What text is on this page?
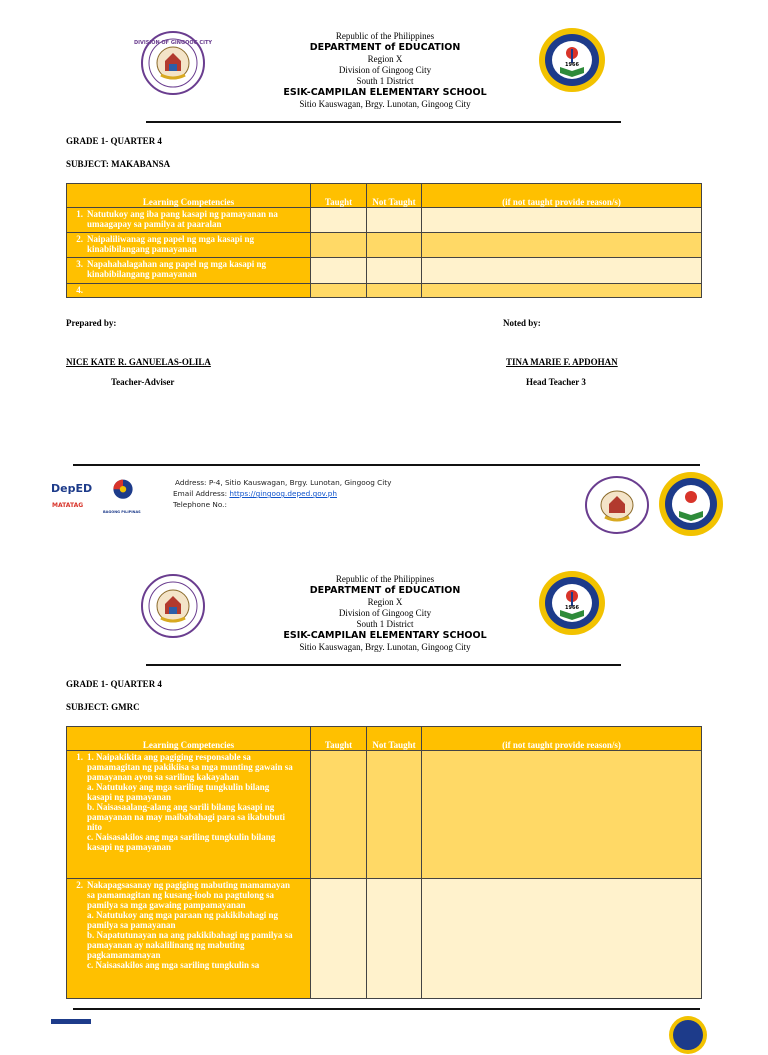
DIVISION OF GINGOOG CITY
Republic of the Philippines
DEPARTMENT of EDUCATION
Region X
Division of Gingoog City
South 1 District
ESIK-CAMPILAN ELEMENTARY SCHOOL
Sitio Kauswagan, Brgy. Lunotan, Gingoog City
1966
GRADE 1- QUARTER 4
SUBJECT: MAKABANSA
Learning Competencies	Taught	Not Taught	(if not taught provide reason/s)
1. Natutukoy ang iba pang kasapi ng pamayanan na umaagapay sa pamilya at paaralan			
2. Naipaliliwanag ang papel ng mga kasapi ng kinabibilangang pamayanan			
3. Napahahalagahan ang papel ng mga kasapi ng kinabibilangang pamayanan			
4.			
Prepared by:	Noted by:
NICE KATE R. GANUELAS-OLILA	TINA MARIE F. APDOHAN
Teacher-Adviser	Head Teacher 3
DepED
MATATAG
BAGONG PILIPINAS
Address: P-4, Sitio Kauswagan, Brgy. Lunotan, Gingoog City
Email Address: https://gingoog.deped.gov.ph
Telephone No.:
Republic of the Philippines
DEPARTMENT of EDUCATION
Region X
Division of Gingoog City
South 1 District
ESIK-CAMPILAN ELEMENTARY SCHOOL
Sitio Kauswagan, Brgy. Lunotan, Gingoog City
1966
GRADE 1- QUARTER 4
SUBJECT: GMRC
Learning Competencies	Taught	Not Taught	(if not taught provide reason/s)
1. 1. Naipakikita ang pagiging responsable sa pamamagitan ng pakikiisa sa mga munting gawain sa pamayanan ayon sa sariling kakayahan
a. Natutukoy ang mga sariling tungkulin bilang kasapi ng pamayanan
b. Naisasaalang-alang ang sarili bilang kasapi ng pamayanan na may maibabahagi para sa ikabubuti nito
c. Naisasakilos ang mga sariling tungkulin bilang kasapi ng pamayanan			
2. Nakapagsasanay ng pagiging mabuting mamamayan sa pamamagitan ng kusang-loob na pagtulong sa pamilya sa mga gawaing pampamayanan
a. Natutukoy ang mga paraan ng pakikibahagi ng pamilya sa pamayanan
b. Napatutunayan na ang pakikibahagi ng pamilya sa pamayanan ay nakalilinang ng mabuting pagkamamamayan
c. Naisasakilos ang mga sariling tungkulin sa			
